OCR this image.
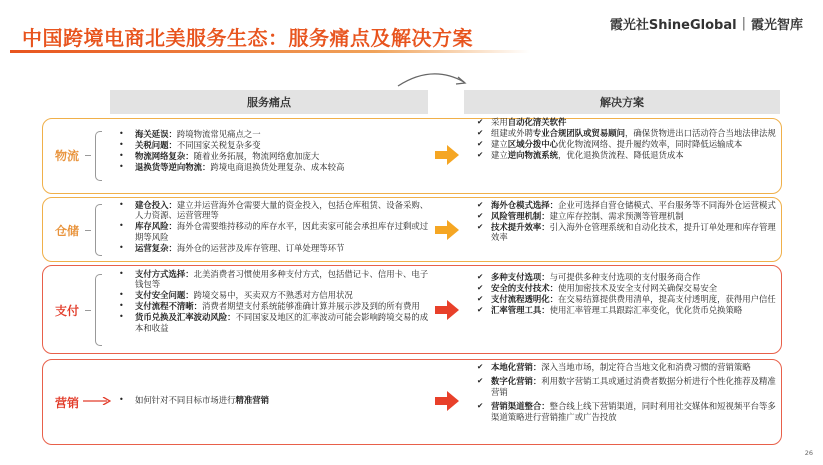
中国跨境电商北美服务生态：服务痛点及解决方案
霞光社ShineGlobal | 霞光智库
服务痛点	解决方案
物流
• 海关延误：跨境物流常见痛点之一
• 关税问题：不同国家关税复杂多变
• 物流网络复杂：随着业务拓展，物流网络愈加庞大
• 退换货等逆向物流：跨境电商退换货处理复杂、成本较高
✔ 采用自动化清关软件
✔ 组建或外聘专业合规团队或贸易顾问，确保货物进出口活动符合当地法律法规
✔ 建立区域分拨中心优化物流网络、提升履约效率，同时降低运输成本
✔ 建立逆向物流系统，优化退换货流程、降低退货成本
仓储
• 建仓投入：建立并运营海外仓需要大量的资金投入，包括仓库租赁、设备采购、人力资源、运营管理等
• 库存风险：海外仓需要维持移动的库存水平，因此卖家可能会承担库存过剩或过期等风险
• 运营复杂：海外仓的运营涉及库存管理、订单处理等环节
✔ 海外仓模式选择：企业可选择自营仓储模式、平台服务等不同海外仓运营模式
✔ 风险管理机制：建立库存控制、需求预测等管理机制
✔ 技术提升效率：引入海外仓管理系统和自动化技术，提升订单处理和库存管理效率
支付
• 支付方式选择：北美消费者习惯使用多种支付方式，包括借记卡、信用卡、电子钱包等
• 支付安全问题：跨境交易中，买卖双方不熟悉对方信用状况
• 支付流程不清晰：消费者期望支付系统能够准确计算并展示涉及到的所有费用
• 货币兑换及汇率波动风险：不同国家及地区的汇率波动可能会影响跨境交易的成本和收益
✔ 多种支付选项：与可提供多种支付选项的支付服务商合作
✔ 安全的支付技术：使用加密技术及安全支付网关确保交易安全
✔ 支付流程透明化：在交易结算提供费用清单，提高支付透明度，获得用户信任
✔ 汇率管理工具：使用汇率管理工具跟踪汇率变化，优化货币兑换策略
营销
•	如何针对不同目标市场进行精准营销
✔ 本地化营销：深入当地市场，制定符合当地文化和消费习惯的营销策略
✔ 数字化营销：利用数字营销工具或通过消费者数据分析进行个性化推荐及精准营销
✔ 营销渠道整合：整合线上线下营销渠道，同时利用社交媒体和短视频平台等多渠道策略进行营销推广或广告投放
26
